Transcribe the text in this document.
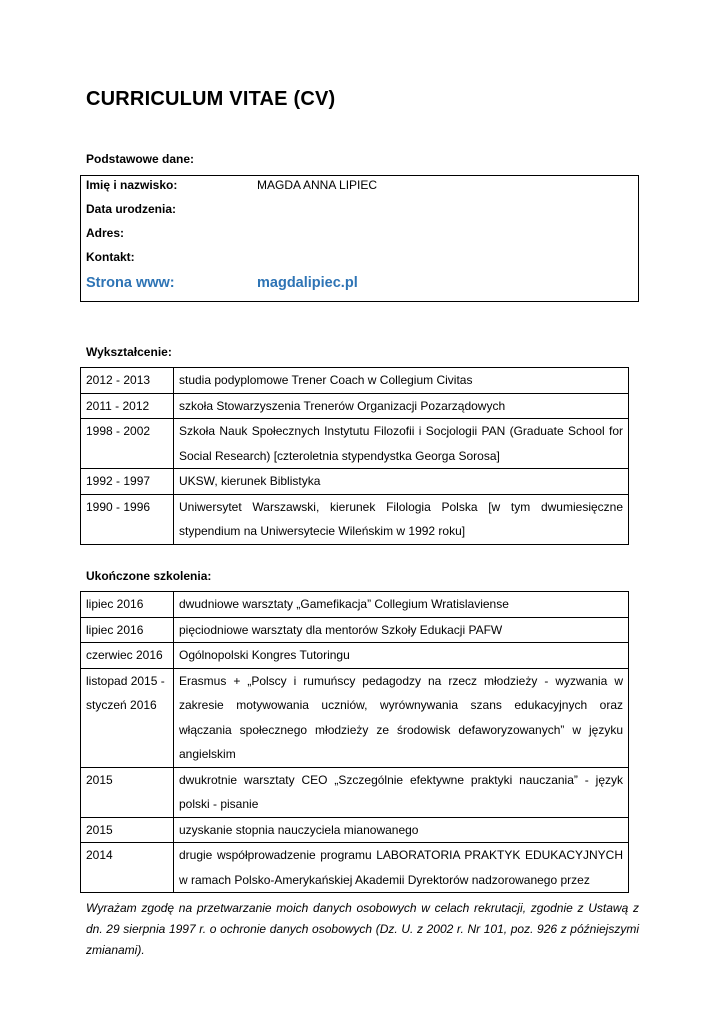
CURRICULUM VITAE (CV)
Podstawowe dane:
Imię i nazwisko:	MAGDA ANNA LIPIEC
Data urodzenia:
Adres:
Kontakt:
Strona www:	magdalipiec.pl
Wykształcenie:
2012 - 2013	studia podyplomowe Trener Coach w Collegium Civitas
2011 - 2012	szkoła Stowarzyszenia Trenerów Organizacji Pozarządowych
1998 - 2002	Szkoła Nauk Społecznych Instytutu Filozofii i Socjologii PAN (Graduate School for Social Research) [czteroletnia stypendystka Georga Sorosa]
1992 - 1997	UKSW, kierunek Biblistyka
1990 - 1996	Uniwersytet Warszawski, kierunek Filologia Polska [w tym dwumiesięczne stypendium na Uniwersytecie Wileńskim w 1992 roku]
Ukończone szkolenia:
lipiec 2016	dwudniowe warsztaty „Gamefikacja” Collegium Wratislaviense
lipiec 2016	pięciodniowe warsztaty dla mentorów Szkoły Edukacji PAFW
czerwiec 2016	Ogólnopolski Kongres Tutoringu
listopad 2015 - styczeń 2016	Erasmus + „Polscy i rumuńscy pedagodzy na rzecz młodzieży - wyzwania w zakresie motywowania uczniów, wyrównywania szans edukacyjnych oraz włączania społecznego młodzieży ze środowisk defaworyzowanych” w języku angielskim
2015	dwukrotnie warsztaty CEO „Szczególnie efektywne praktyki nauczania” - język polski - pisanie
2015	uzyskanie stopnia nauczyciela mianowanego
2014	drugie współprowadzenie programu LABORATORIA PRAKTYK EDUKACYJNYCH w ramach Polsko-Amerykańskiej Akademii Dyrektorów nadzorowanego przez

Wyrażam zgodę na przetwarzanie moich danych osobowych w celach rekrutacji, zgodnie z Ustawą z dn. 29 sierpnia 1997 r. o ochronie danych osobowych (Dz. U. z 2002 r. Nr 101, poz. 926 z późniejszymi zmianami).
